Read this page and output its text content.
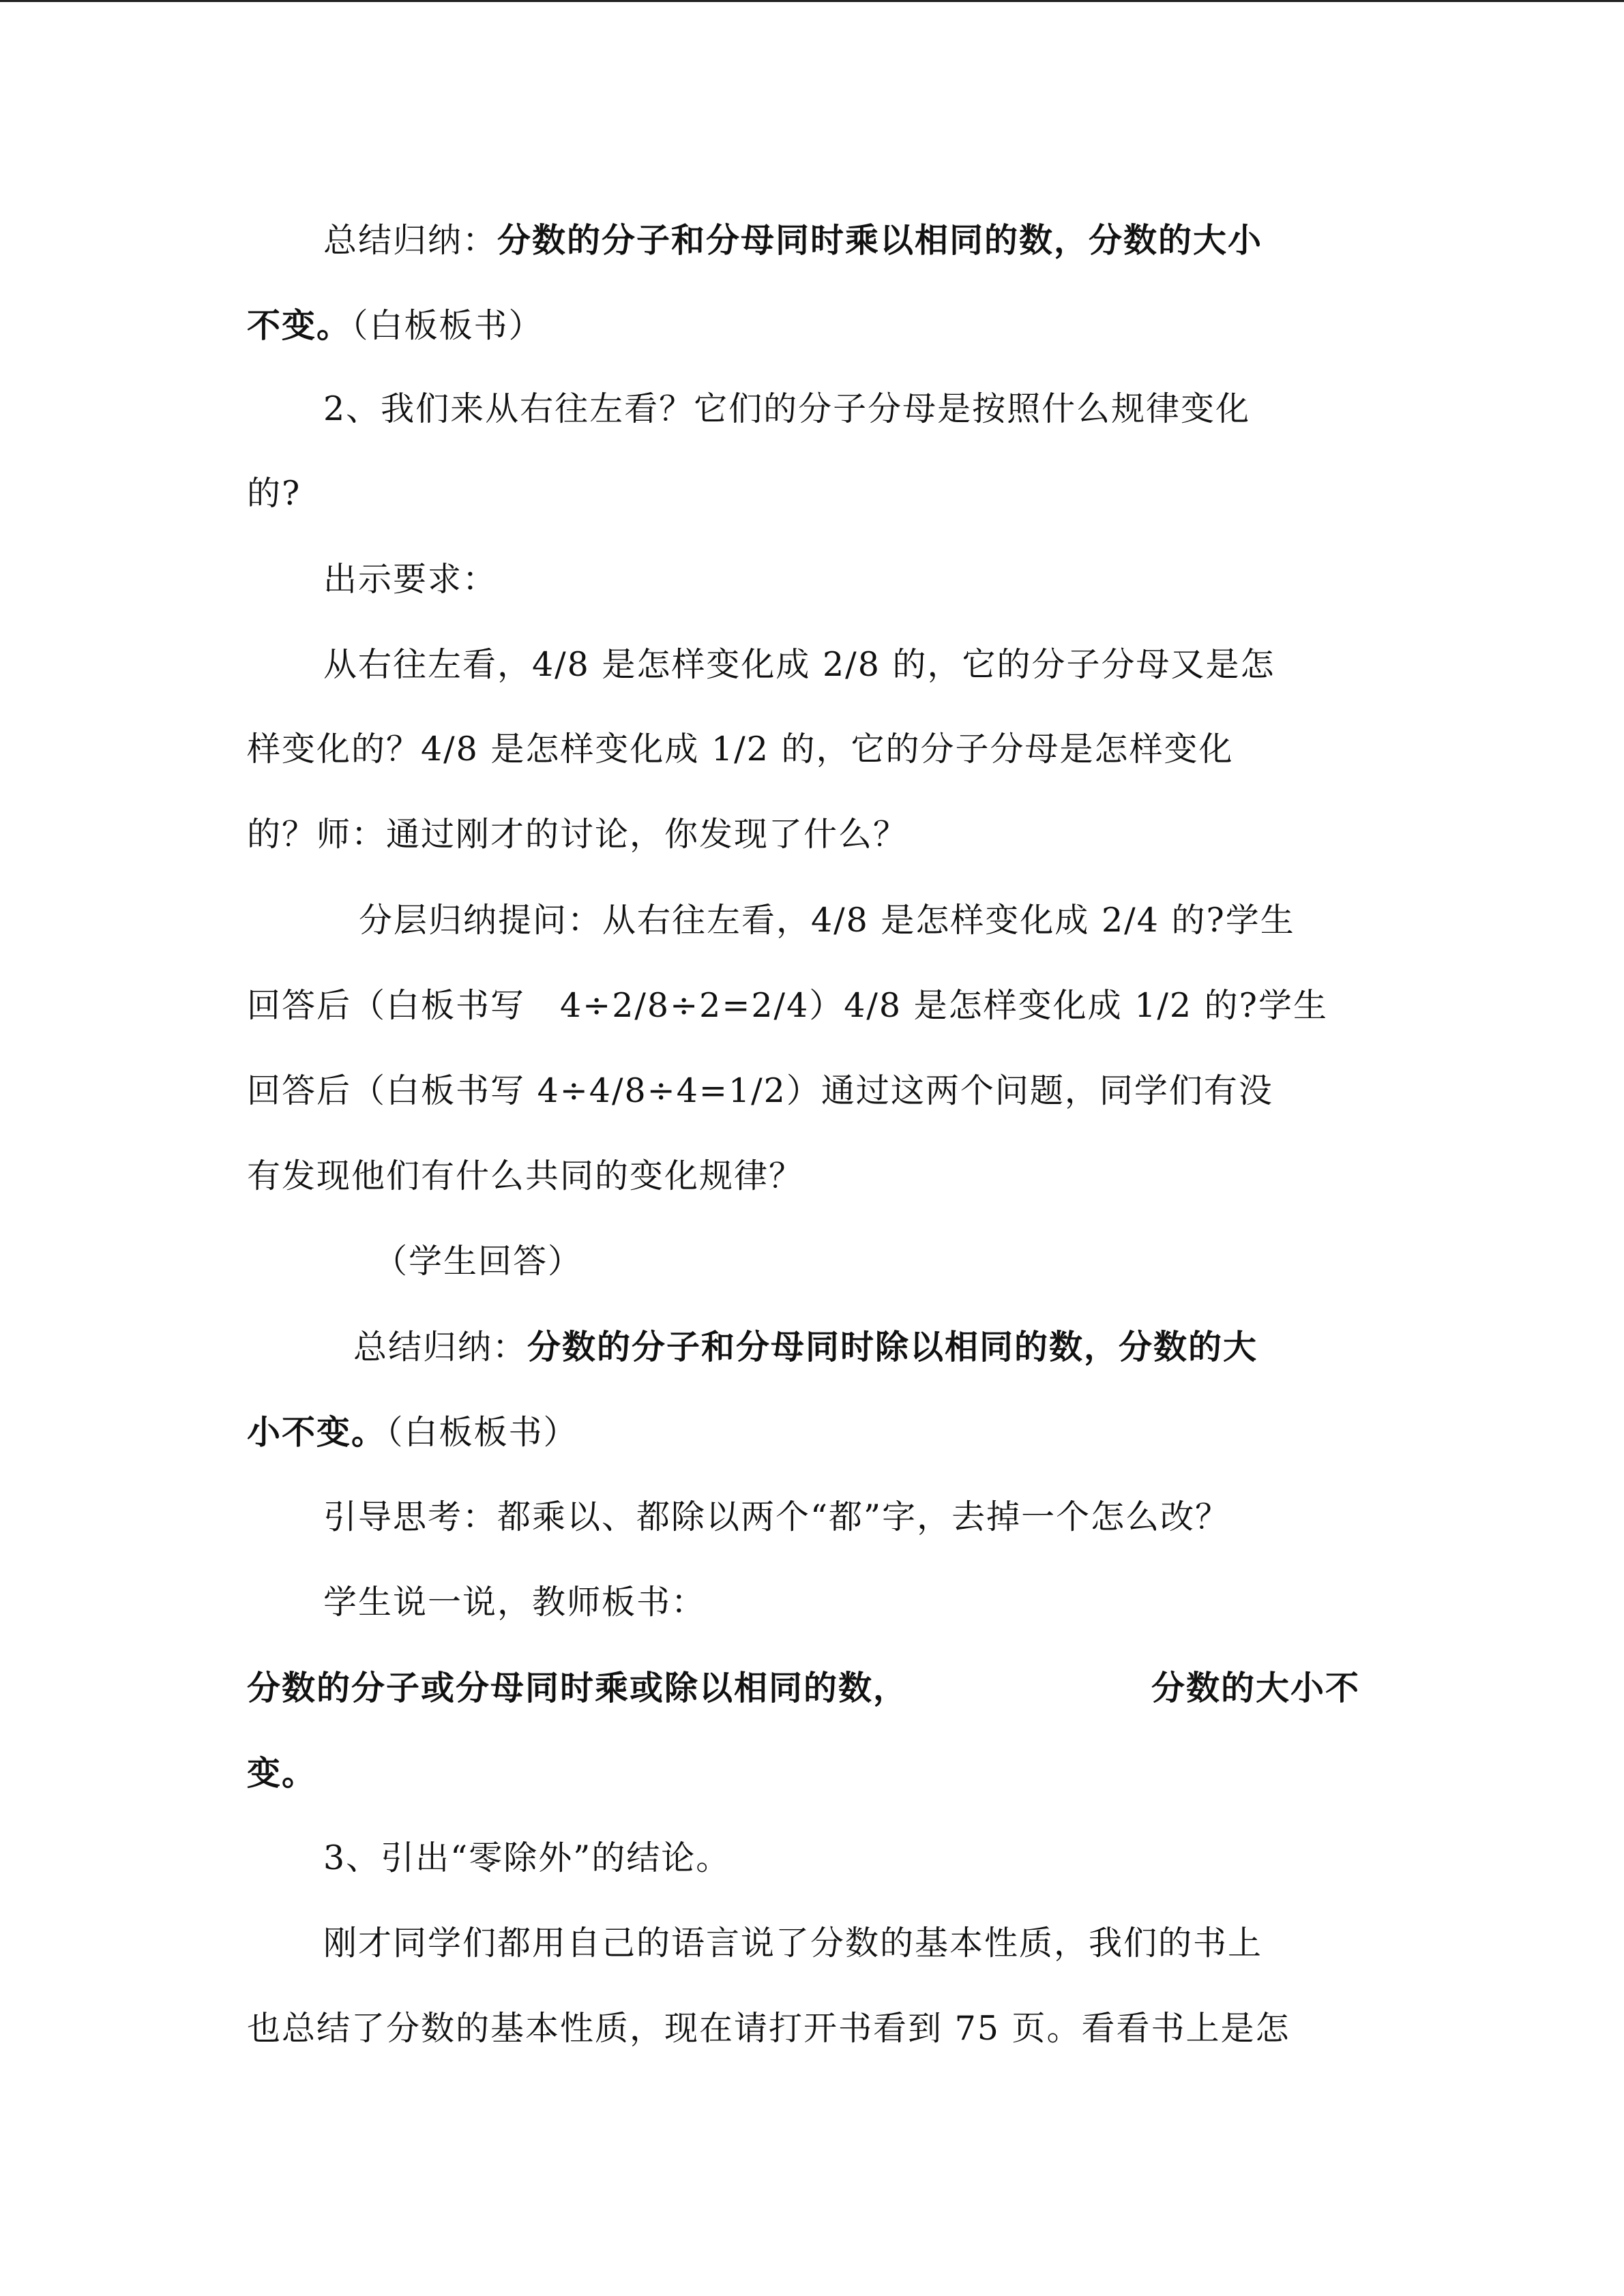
总结归纳：分数的分子和分母同时乘以相同的数，分数的大小
不变。（白板板书）
2、我们来从右往左看？它们的分子分母是按照什么规律变化
的?
出示要求：
从右往左看，4/8 是怎样变化成 2/8 的，它的分子分母又是怎
样变化的？4/8 是怎样变化成 1/2 的，它的分子分母是怎样变化
的？师：通过刚才的讨论，你发现了什么？
分层归纳提问：从右往左看，4/8 是怎样变化成 2/4 的?学生
回答后（白板书写　4÷2/8÷2=2/4）4/8 是怎样变化成 1/2 的?学生
回答后（白板书写 4÷4/8÷4=1/2）通过这两个问题，同学们有没
有发现他们有什么共同的变化规律？
（学生回答）
总结归纳：分数的分子和分母同时除以相同的数，分数的大
小不变。（白板板书）
引导思考：都乘以、都除以两个“都”字，去掉一个怎么改？
学生说一说，教师板书：
分数的分子或分母同时乘或除以相同的数，	分数的大小不
变。
3、引出“零除外”的结论。
刚才同学们都用自己的语言说了分数的基本性质，我们的书上
也总结了分数的基本性质，现在请打开书看到 75 页。看看书上是怎
